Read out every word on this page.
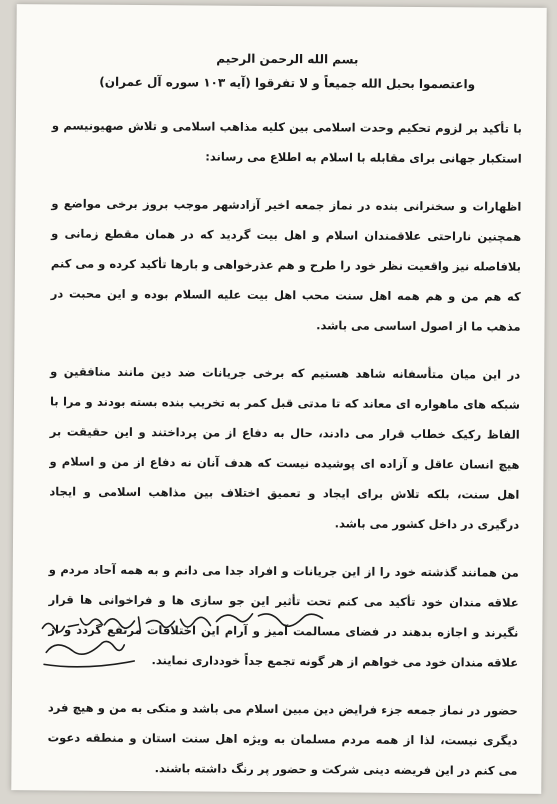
بسم الله الرحمن الرحیم
واعتصموا بحبل الله جمیعاً و لا تفرقوا (آیه ۱۰۳ سوره آل عمران)

با تأکید بر لزوم تحکیم وحدت اسلامی بین کلیه مذاهب اسلامی و تلاش صهیونیسم و استکبار جهانی برای مقابله با اسلام به اطلاع می رساند:

اظهارات و سخنرانی بنده در نماز جمعه اخیر آزادشهر موجب بروز برخی مواضع و همچنین ناراحتی علاقمندان اسلام و اهل بیت گردید که در همان مقطع زمانی و بلافاصله نیز واقعیت نظر خود را طرح و هم عذرخواهی و بارها تأکید کرده و می کنم که هم من و هم همه اهل سنت محب اهل بیت علیه السلام بوده و این محبت در مذهب ما از اصول اساسی می باشد.

در این میان متأسفانه شاهد هستیم که برخی جریانات ضد دین مانند منافقین و شبکه های ماهواره ای معاند که تا مدتی قبل کمر به تخریب بنده بسته بودند و مرا با الفاظ رکیک خطاب قرار می دادند، حال به دفاع از من پرداختند و این حقیقت بر هیچ انسان عاقل و آزاده ای پوشیده نیست که هدف آنان نه دفاع از من و اسلام و اهل سنت، بلکه تلاش برای ایجاد و تعمیق اختلاف بین مذاهب اسلامی و ایجاد درگیری در داخل کشور می باشد.

من همانند گذشته خود را از این جریانات و افراد جدا می دانم و به همه آحاد مردم و علاقه مندان خود تأکید می کنم تحت تأثیر این جو سازی ها و فراخوانی ها قرار نگیرند و اجازه بدهند در فضای مسالمت آمیز و آرام این اختلافات مرتفع گردد و از علاقه مندان خود می خواهم از هر گونه تجمع جداً خودداری نمایند.

حضور در نماز جمعه جزء فرایض دین مبین اسلام می باشد و متکی به من و هیچ فرد دیگری نیست، لذا از همه مردم مسلمان به ویژه اهل سنت استان و منطقه دعوت می کنم در این فریضه دینی شرکت و حضور پر رنگ داشته باشند.
